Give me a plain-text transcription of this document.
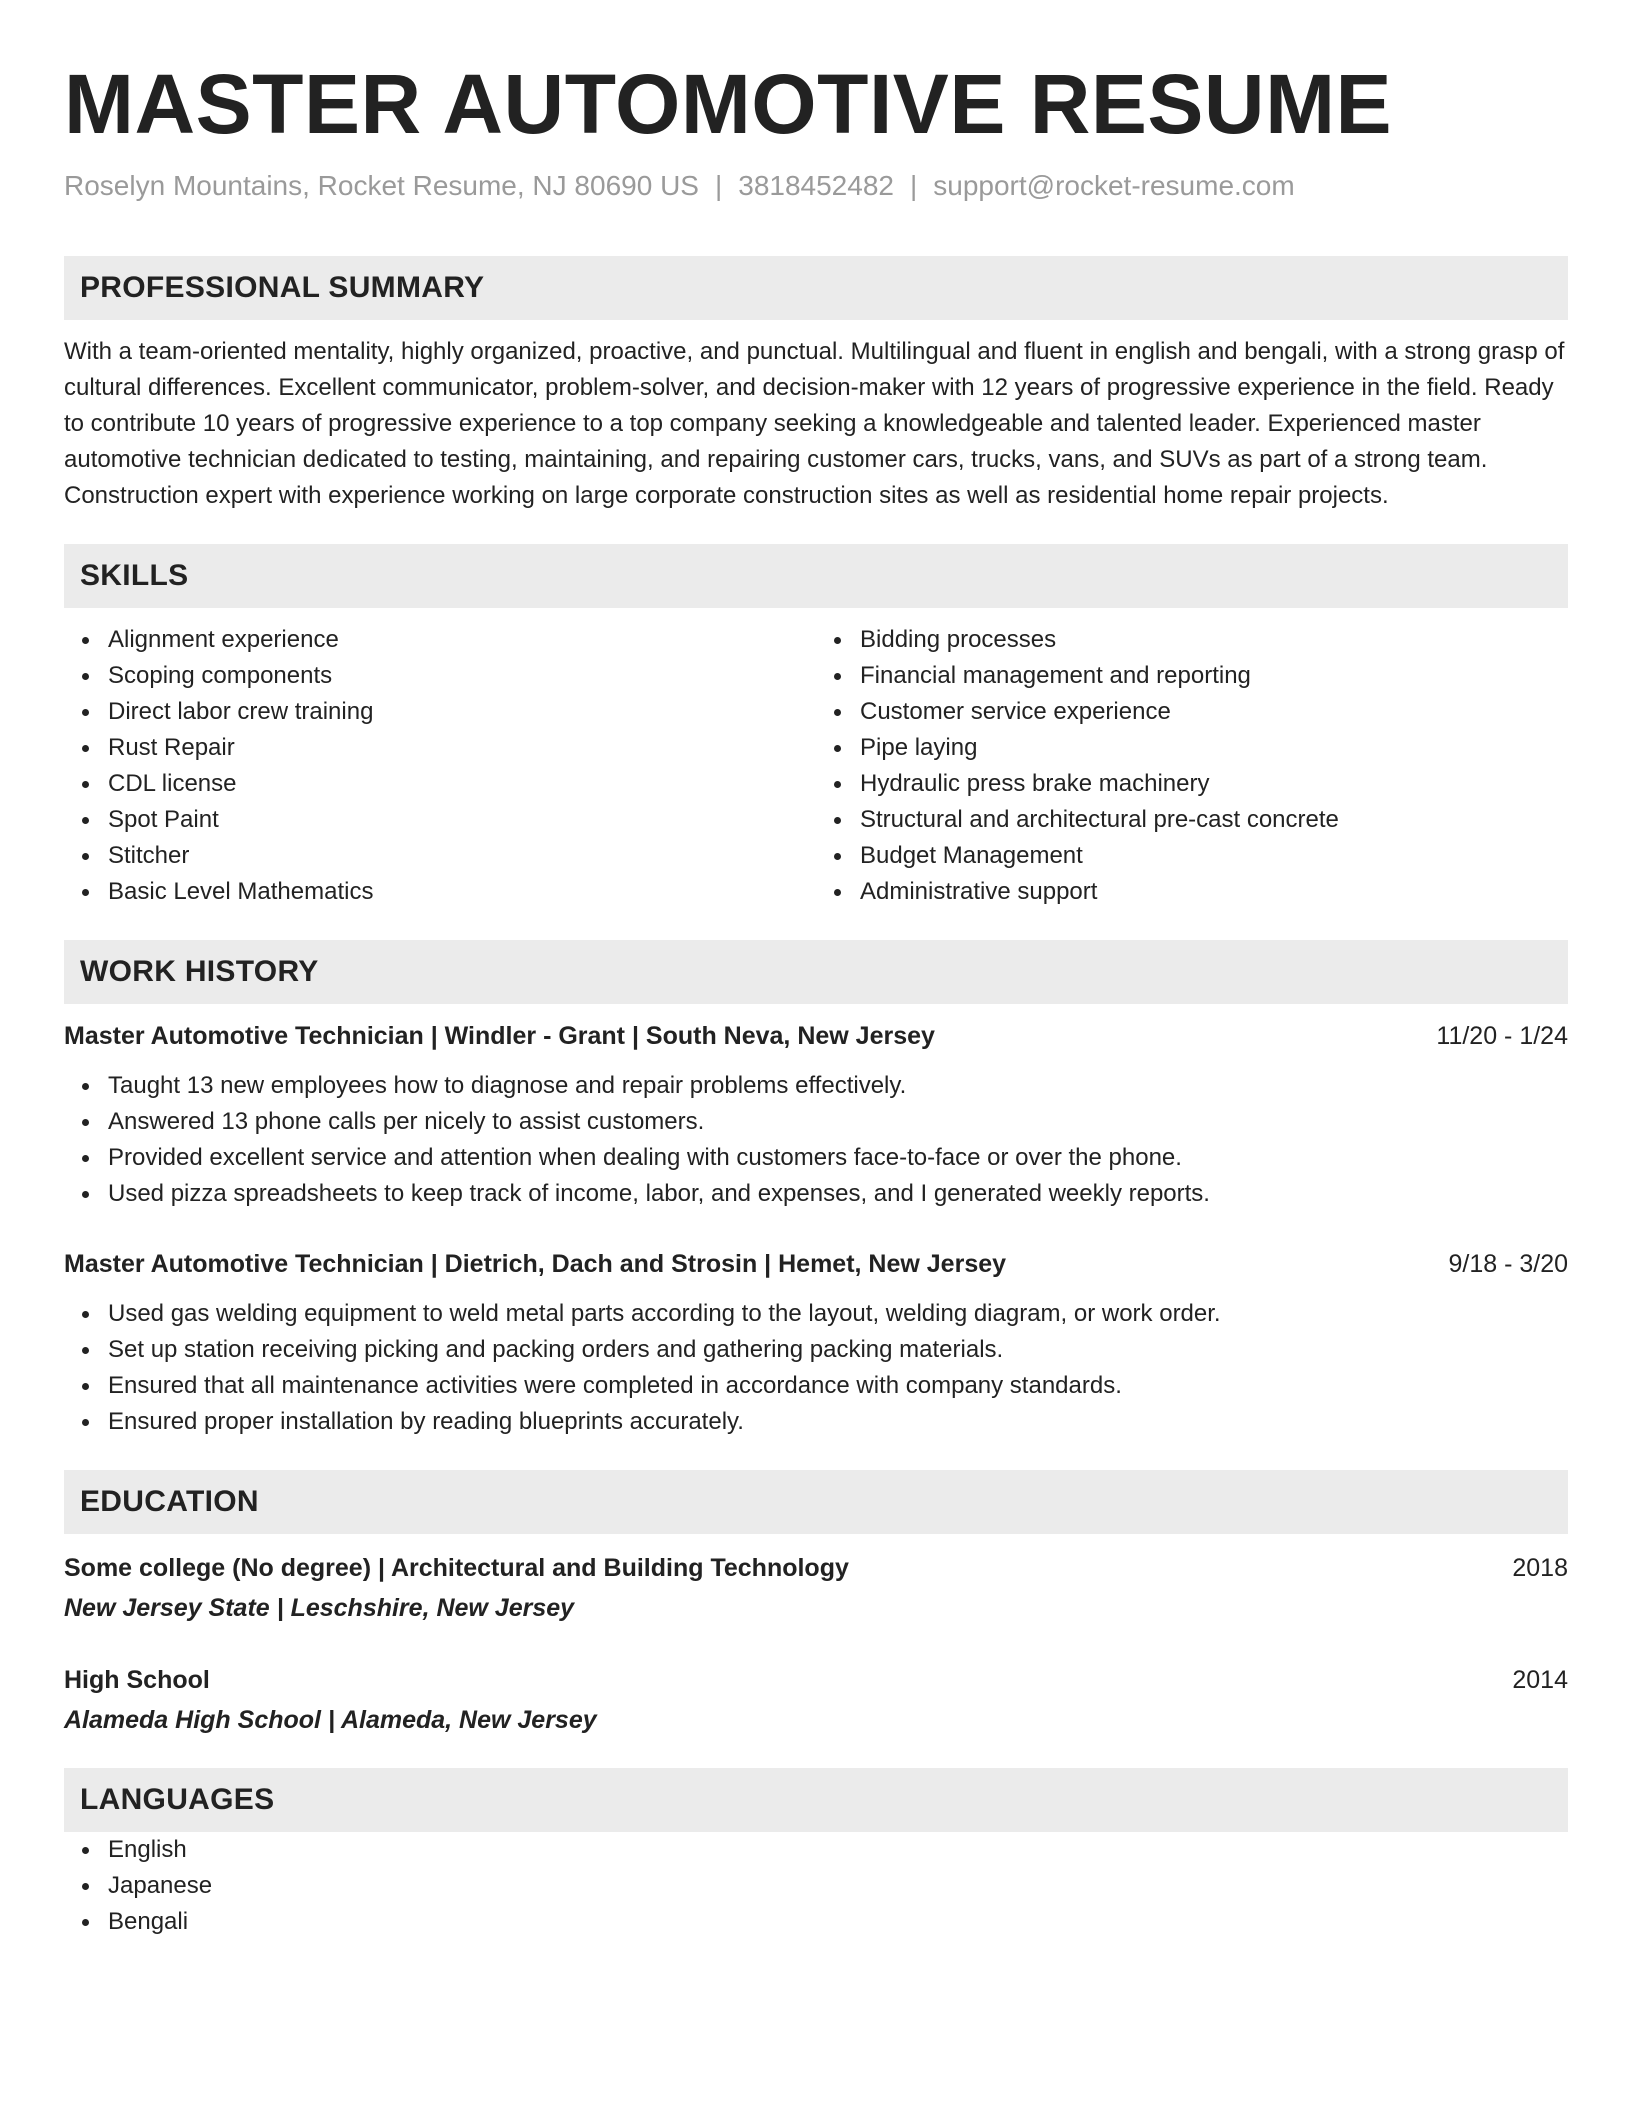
MASTER AUTOMOTIVE RESUME
Roselyn Mountains, Rocket Resume, NJ 80690 US | 3818452482 | support@rocket-resume.com
PROFESSIONAL SUMMARY
With a team-oriented mentality, highly organized, proactive, and punctual. Multilingual and fluent in english and bengali, with a strong grasp of cultural differences. Excellent communicator, problem-solver, and decision-maker with 12 years of progressive experience in the field. Ready to contribute 10 years of progressive experience to a top company seeking a knowledgeable and talented leader. Experienced master automotive technician dedicated to testing, maintaining, and repairing customer cars, trucks, vans, and SUVs as part of a strong team. Construction expert with experience working on large corporate construction sites as well as residential home repair projects.
SKILLS
Alignment experience
Scoping components
Direct labor crew training
Rust Repair
CDL license
Spot Paint
Stitcher
Basic Level Mathematics
Bidding processes
Financial management and reporting
Customer service experience
Pipe laying
Hydraulic press brake machinery
Structural and architectural pre-cast concrete
Budget Management
Administrative support
WORK HISTORY
Master Automotive Technician | Windler - Grant | South Neva, New Jersey	11/20 - 1/24
Taught 13 new employees how to diagnose and repair problems effectively.
Answered 13 phone calls per nicely to assist customers.
Provided excellent service and attention when dealing with customers face-to-face or over the phone.
Used pizza spreadsheets to keep track of income, labor, and expenses, and I generated weekly reports.
Master Automotive Technician | Dietrich, Dach and Strosin | Hemet, New Jersey	9/18 - 3/20
Used gas welding equipment to weld metal parts according to the layout, welding diagram, or work order.
Set up station receiving picking and packing orders and gathering packing materials.
Ensured that all maintenance activities were completed in accordance with company standards.
Ensured proper installation by reading blueprints accurately.
EDUCATION
Some college (No degree) | Architectural and Building Technology	2018
New Jersey State | Leschshire, New Jersey
High School	2014
Alameda High School | Alameda, New Jersey
LANGUAGES
English
Japanese
Bengali
